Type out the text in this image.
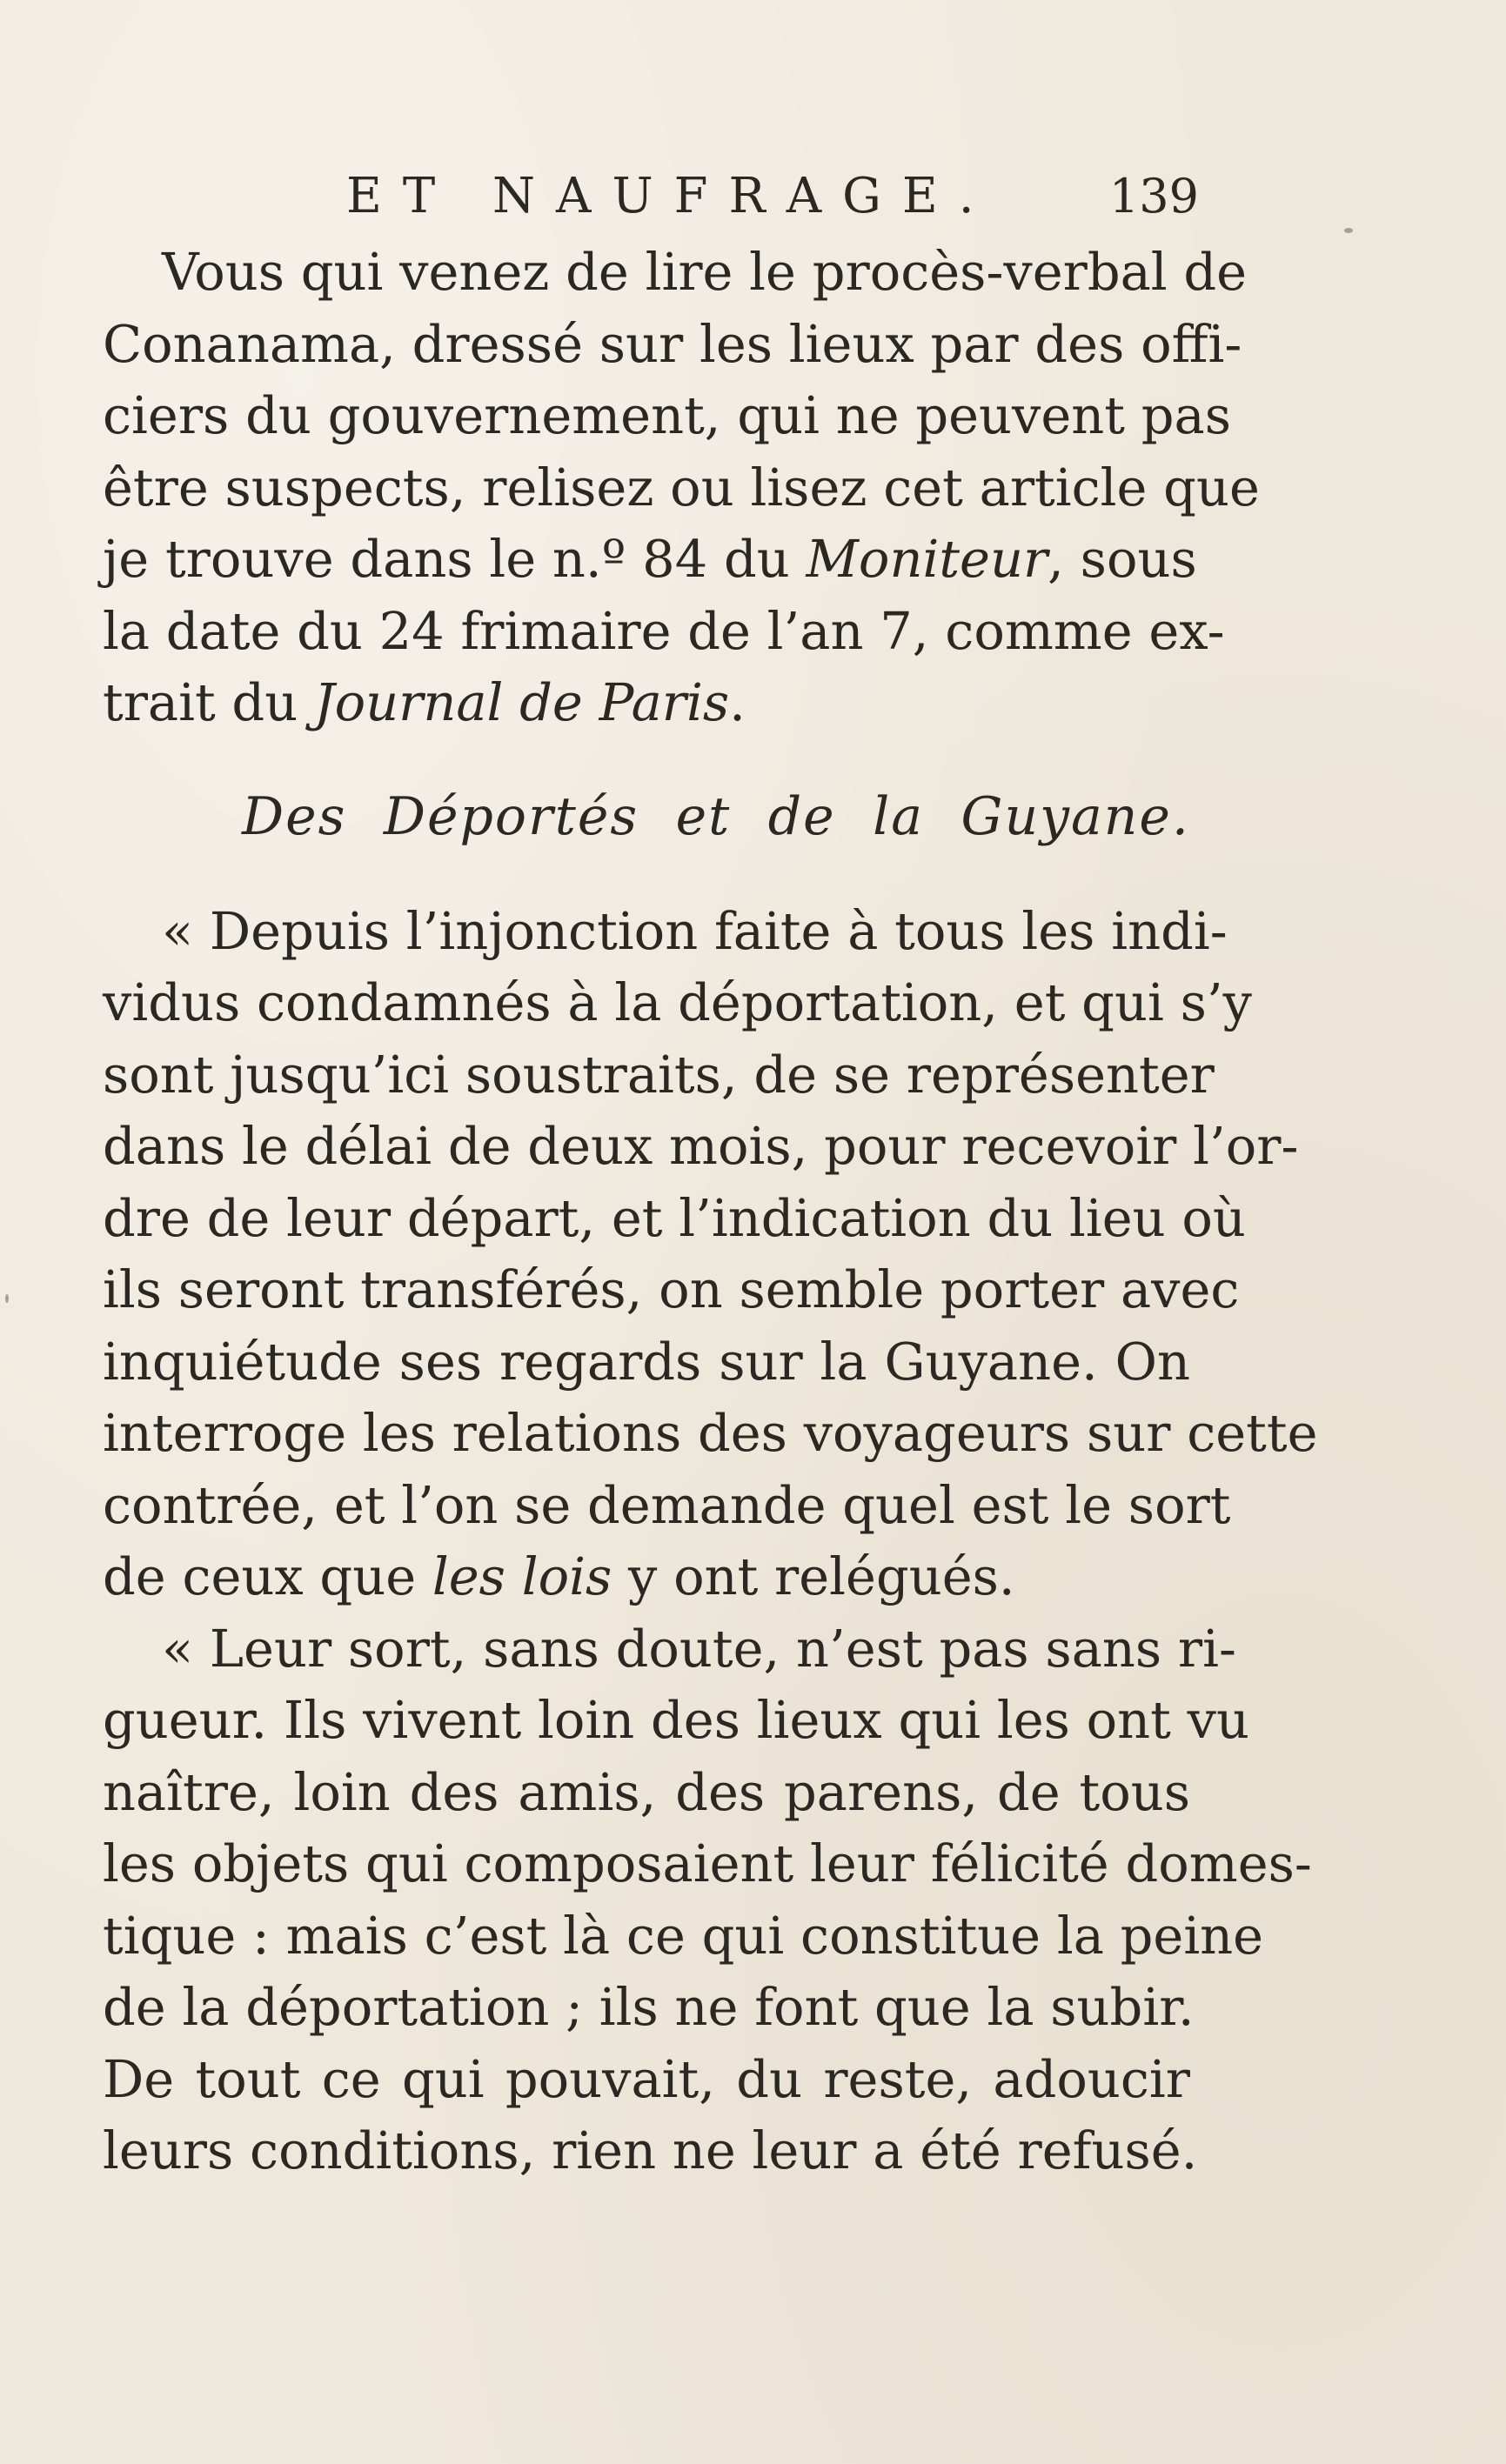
ET NAUFRAGE. 139

Vous qui venez de lire le procès-verbal de
Conanama, dressé sur les lieux par des offi-
ciers du gouvernement, qui ne peuvent pas
être suspects, relisez ou lisez cet article que
je trouve dans le n.º 84 du Moniteur, sous
la date du 24 frimaire de l’an 7, comme ex-
trait du Journal de Paris.

Des Déportés et de la Guyane.

« Depuis l’injonction faite à tous les indi-
vidus condamnés à la déportation, et qui s’y
sont jusqu’ici soustraits, de se représenter
dans le délai de deux mois, pour recevoir l’or-
dre de leur départ, et l’indication du lieu où
ils seront transférés, on semble porter avec
inquiétude ses regards sur la Guyane. On
interroge les relations des voyageurs sur cette
contrée, et l’on se demande quel est le sort
de ceux que les lois y ont relégués.

« Leur sort, sans doute, n’est pas sans ri-
gueur. Ils vivent loin des lieux qui les ont vu
naître, loin des amis, des parens, de tous
les objets qui composaient leur félicité domes-
tique : mais c’est là ce qui constitue la peine
de la déportation ; ils ne font que la subir.
De tout ce qui pouvait, du reste, adoucir
leurs conditions, rien ne leur a été refusé.
